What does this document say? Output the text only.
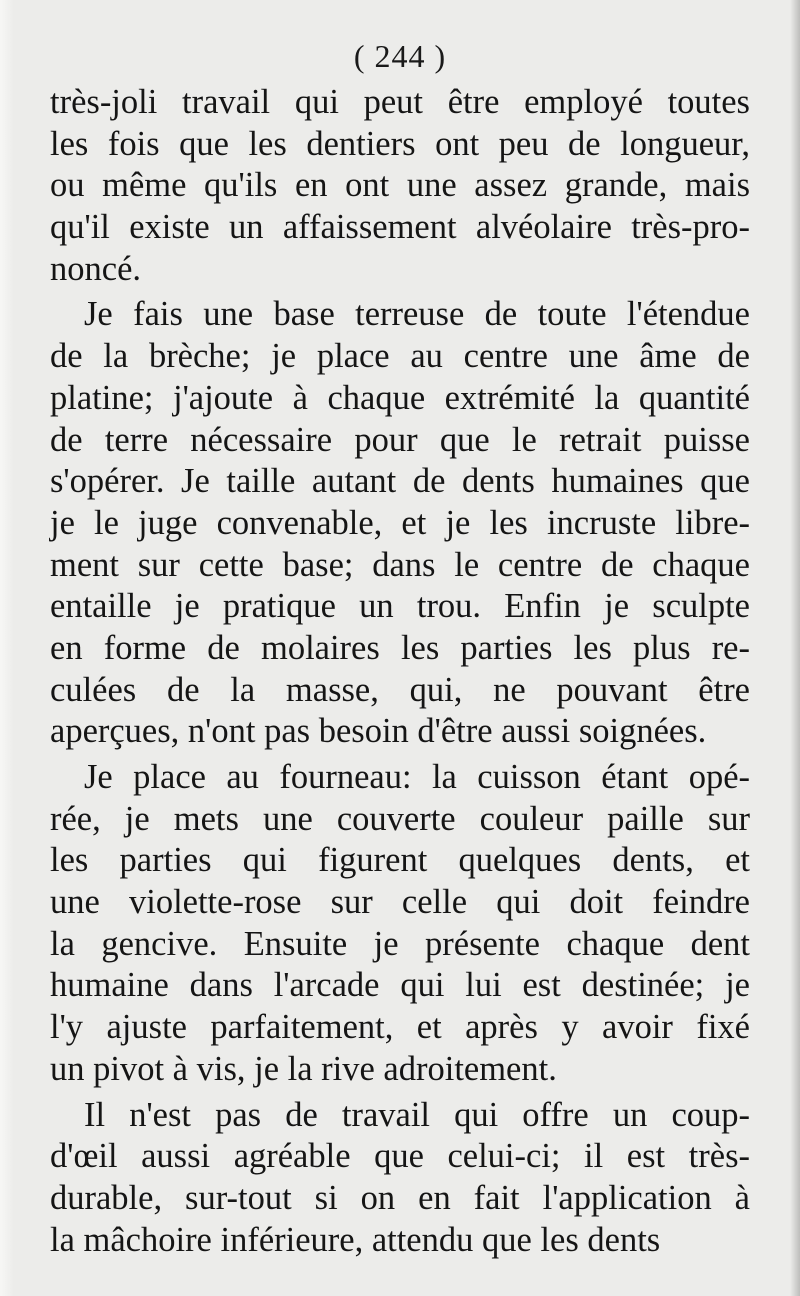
( 244 )
très-joli travail qui peut être employé toutes
les fois que les dentiers ont peu de longueur,
ou même qu'ils en ont une assez grande, mais
qu'il existe un affaissement alvéolaire très-pro-
noncé.
Je fais une base terreuse de toute l'étendue
de la brèche; je place au centre une âme de
platine; j'ajoute à chaque extrémité la quantité
de terre nécessaire pour que le retrait puisse
s'opérer. Je taille autant de dents humaines que
je le juge convenable, et je les incruste libre-
ment sur cette base; dans le centre de chaque
entaille je pratique un trou. Enfin je sculpte
en forme de molaires les parties les plus re-
culées de la masse, qui, ne pouvant être
aperçues, n'ont pas besoin d'être aussi soignées.
Je place au fourneau: la cuisson étant opé-
rée, je mets une couverte couleur paille sur
les parties qui figurent quelques dents, et
une violette-rose sur celle qui doit feindre
la gencive. Ensuite je présente chaque dent
humaine dans l'arcade qui lui est destinée; je
l'y ajuste parfaitement, et après y avoir fixé
un pivot à vis, je la rive adroitement.
Il n'est pas de travail qui offre un coup-
d'œil aussi agréable que celui-ci; il est très-
durable, sur-tout si on en fait l'application à
la mâchoire inférieure, attendu que les dents
